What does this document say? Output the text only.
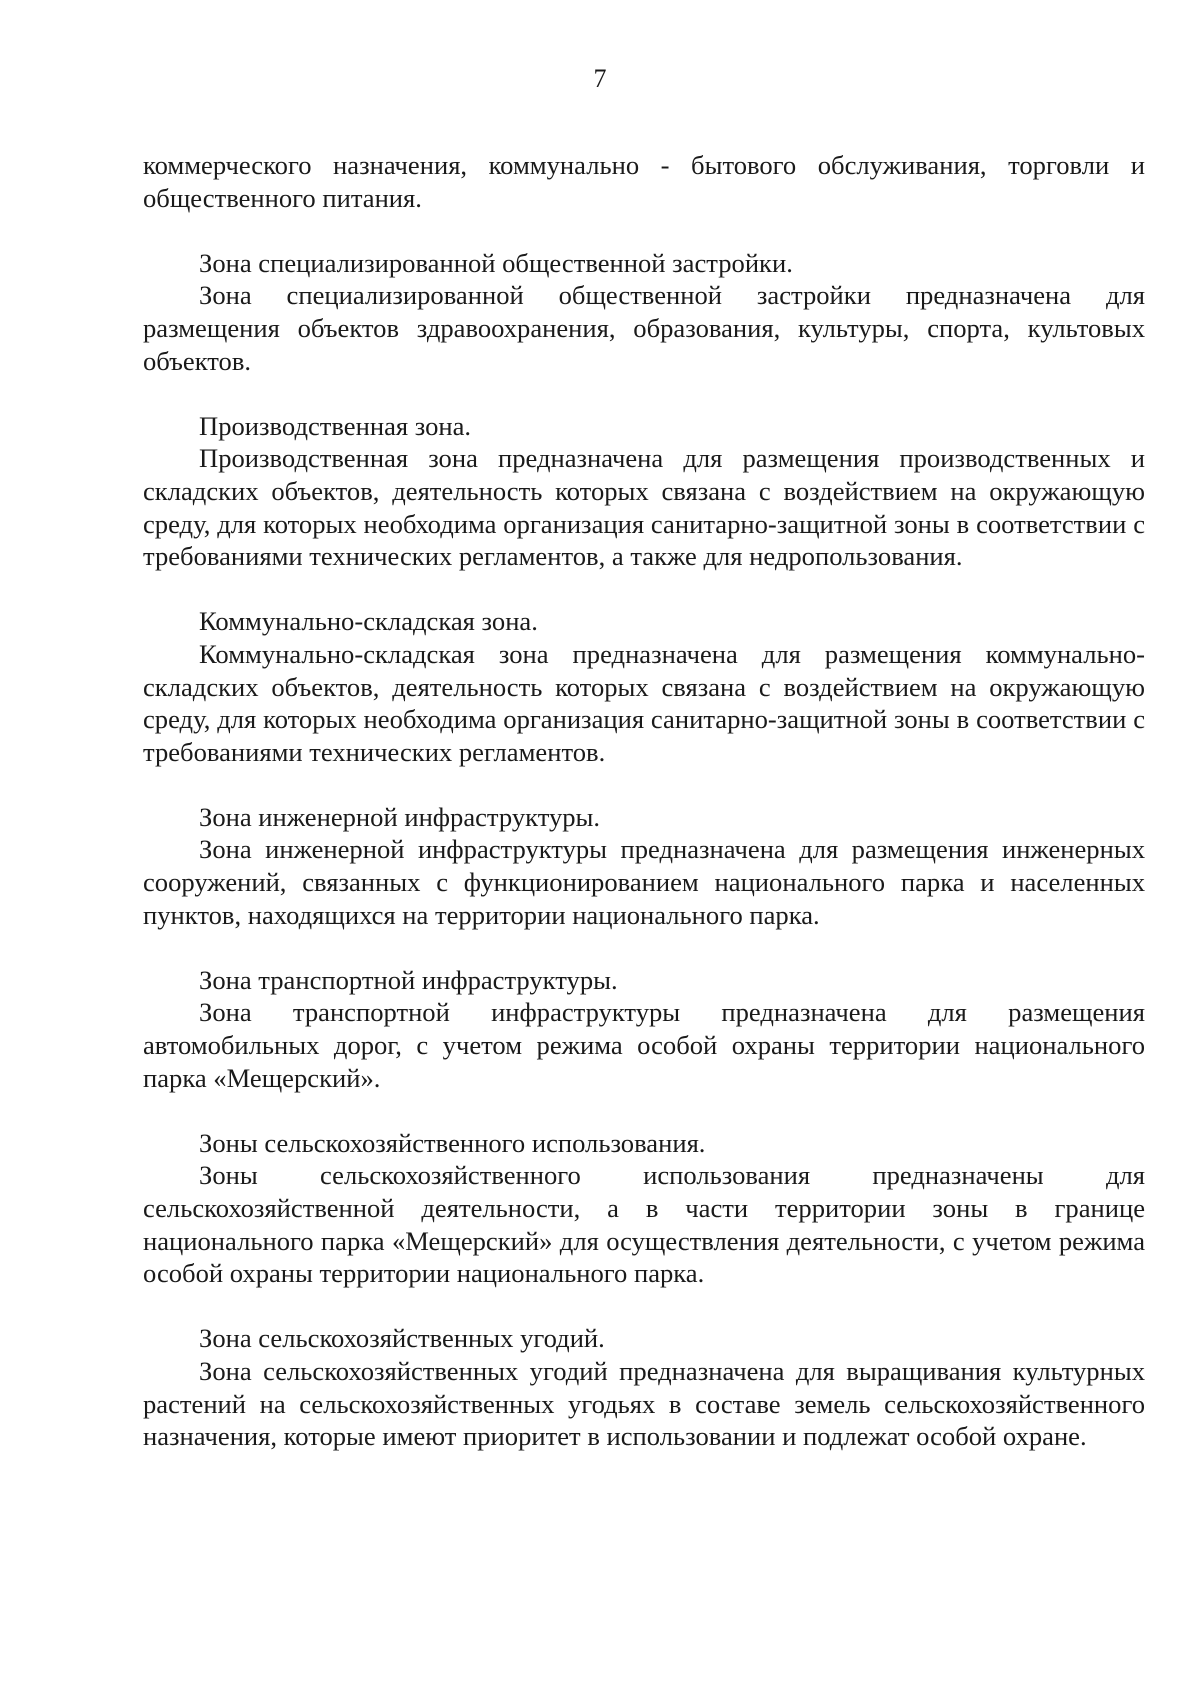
7

коммерческого назначения, коммунально - бытового обслуживания, торговли и общественного питания.

Зона специализированной общественной застройки.

Зона специализированной общественной застройки предназначена для размещения объектов здравоохранения, образования, культуры, спорта, культовых объектов.

Производственная зона.

Производственная зона предназначена для размещения производственных и складских объектов, деятельность которых связана с воздействием на окружающую среду, для которых необходима организация санитарно-защитной зоны в соответствии с требованиями технических регламентов, а также для недропользования.

Коммунально-складская зона.

Коммунально-складская зона предназначена для размещения коммунально-складских объектов, деятельность которых связана с воздействием на окружающую среду, для которых необходима организация санитарно-защитной зоны в соответствии с требованиями технических регламентов.

Зона инженерной инфраструктуры.

Зона инженерной инфраструктуры предназначена для размещения инженерных сооружений, связанных с функционированием национального парка и населенных пунктов, находящихся на территории национального парка.

Зона транспортной инфраструктуры.

Зона транспортной инфраструктуры предназначена для размещения автомобильных дорог, с учетом режима особой охраны территории национального парка «Мещерский».

Зоны сельскохозяйственного использования.

Зоны сельскохозяйственного использования предназначены для сельскохозяйственной деятельности, а в части территории зоны в границе национального парка «Мещерский» для осуществления деятельности, с учетом режима особой охраны территории национального парка.

Зона сельскохозяйственных угодий.

Зона сельскохозяйственных угодий предназначена для выращивания культурных растений на сельскохозяйственных угодьях в составе земель сельскохозяйственного назначения, которые имеют приоритет в использовании и подлежат особой охране.
